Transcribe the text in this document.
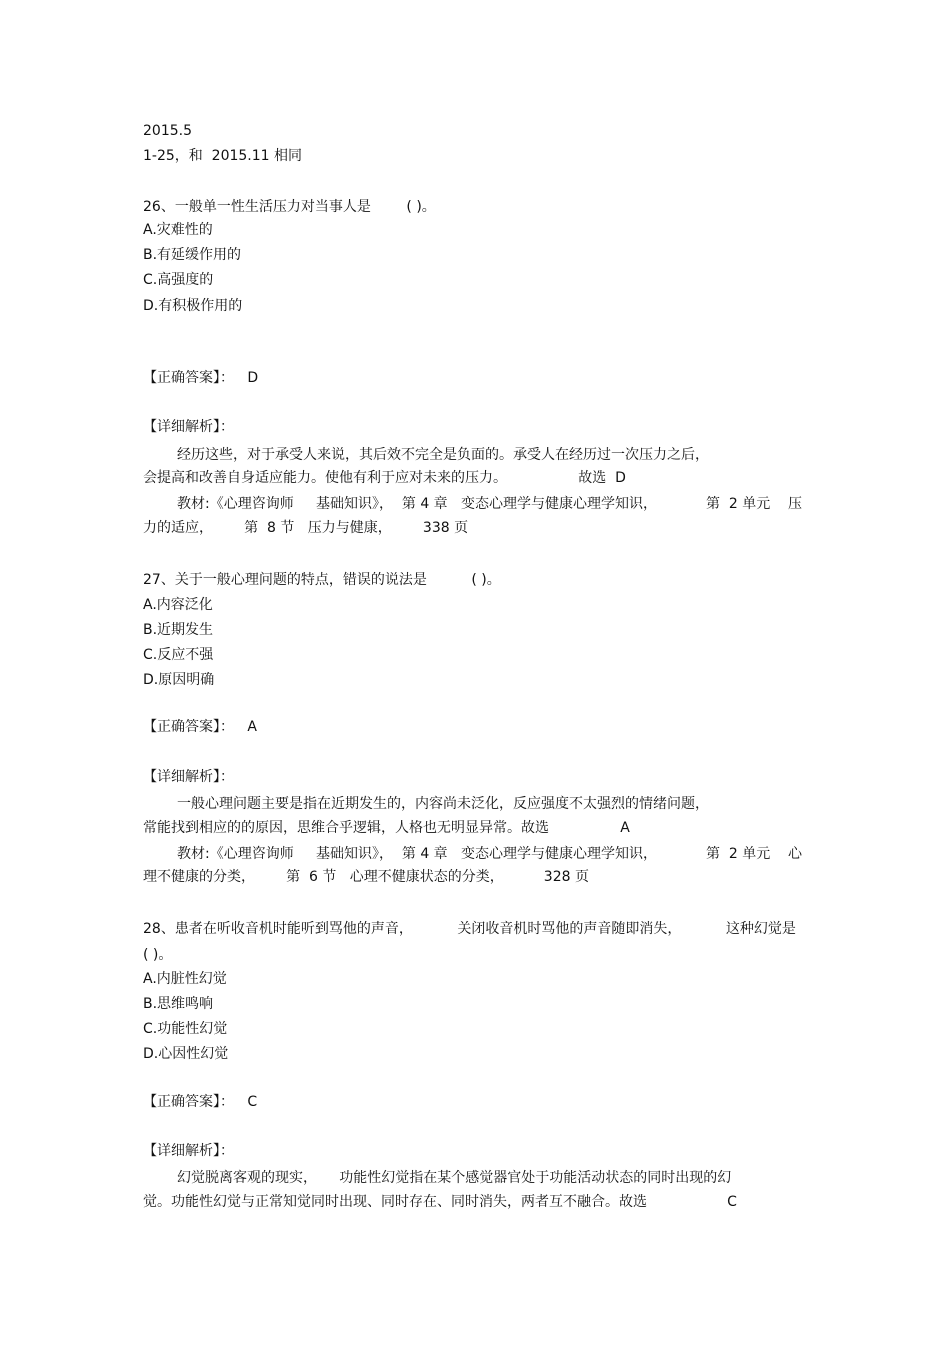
2015.5
1-25，和  2015.11 相同
26、一般单一性生活压力对当事人是        ( )。
A.灾难性的
B.有延缓作用的
C.高强度的
D.有积极作用的
【正确答案】：   D
【详细解析】：
经历这些，对于承受人来说，其后效不完全是负面的。承受人在经历过一次压力之后，
会提高和改善自身适应能力。使他有利于应对未来的压力。                故选  D
教材:《心理咨询师     基础知识》，  第 4 章   变态心理学与健康心理学知识，           第  2 单元    压
力的适应，       第  8 节   压力与健康，       338 页
27、关于一般心理问题的特点，错误的说法是          ( )。
A.内容泛化
B.近期发生
C.反应不强
D.原因明确
【正确答案】：   A
【详细解析】：
一般心理问题主要是指在近期发生的，内容尚未泛化，反应强度不太强烈的情绪问题，
常能找到相应的的原因，思维合乎逻辑，人格也无明显异常。故选                A
教材:《心理咨询师     基础知识》，  第 4 章   变态心理学与健康心理学知识，           第  2 单元    心
理不健康的分类，       第  6 节   心理不健康状态的分类，         328 页
28、患者在听收音机时能听到骂他的声音，          关闭收音机时骂他的声音随即消失，          这种幻觉是
( )。
A.内脏性幻觉
B.思维鸣响
C.功能性幻觉
D.心因性幻觉
【正确答案】：   C
【详细解析】：
幻觉脱离客观的现实，     功能性幻觉指在某个感觉器官处于功能活动状态的同时出现的幻
觉。功能性幻觉与正常知觉同时出现、同时存在、同时消失，两者互不融合。故选                  C
